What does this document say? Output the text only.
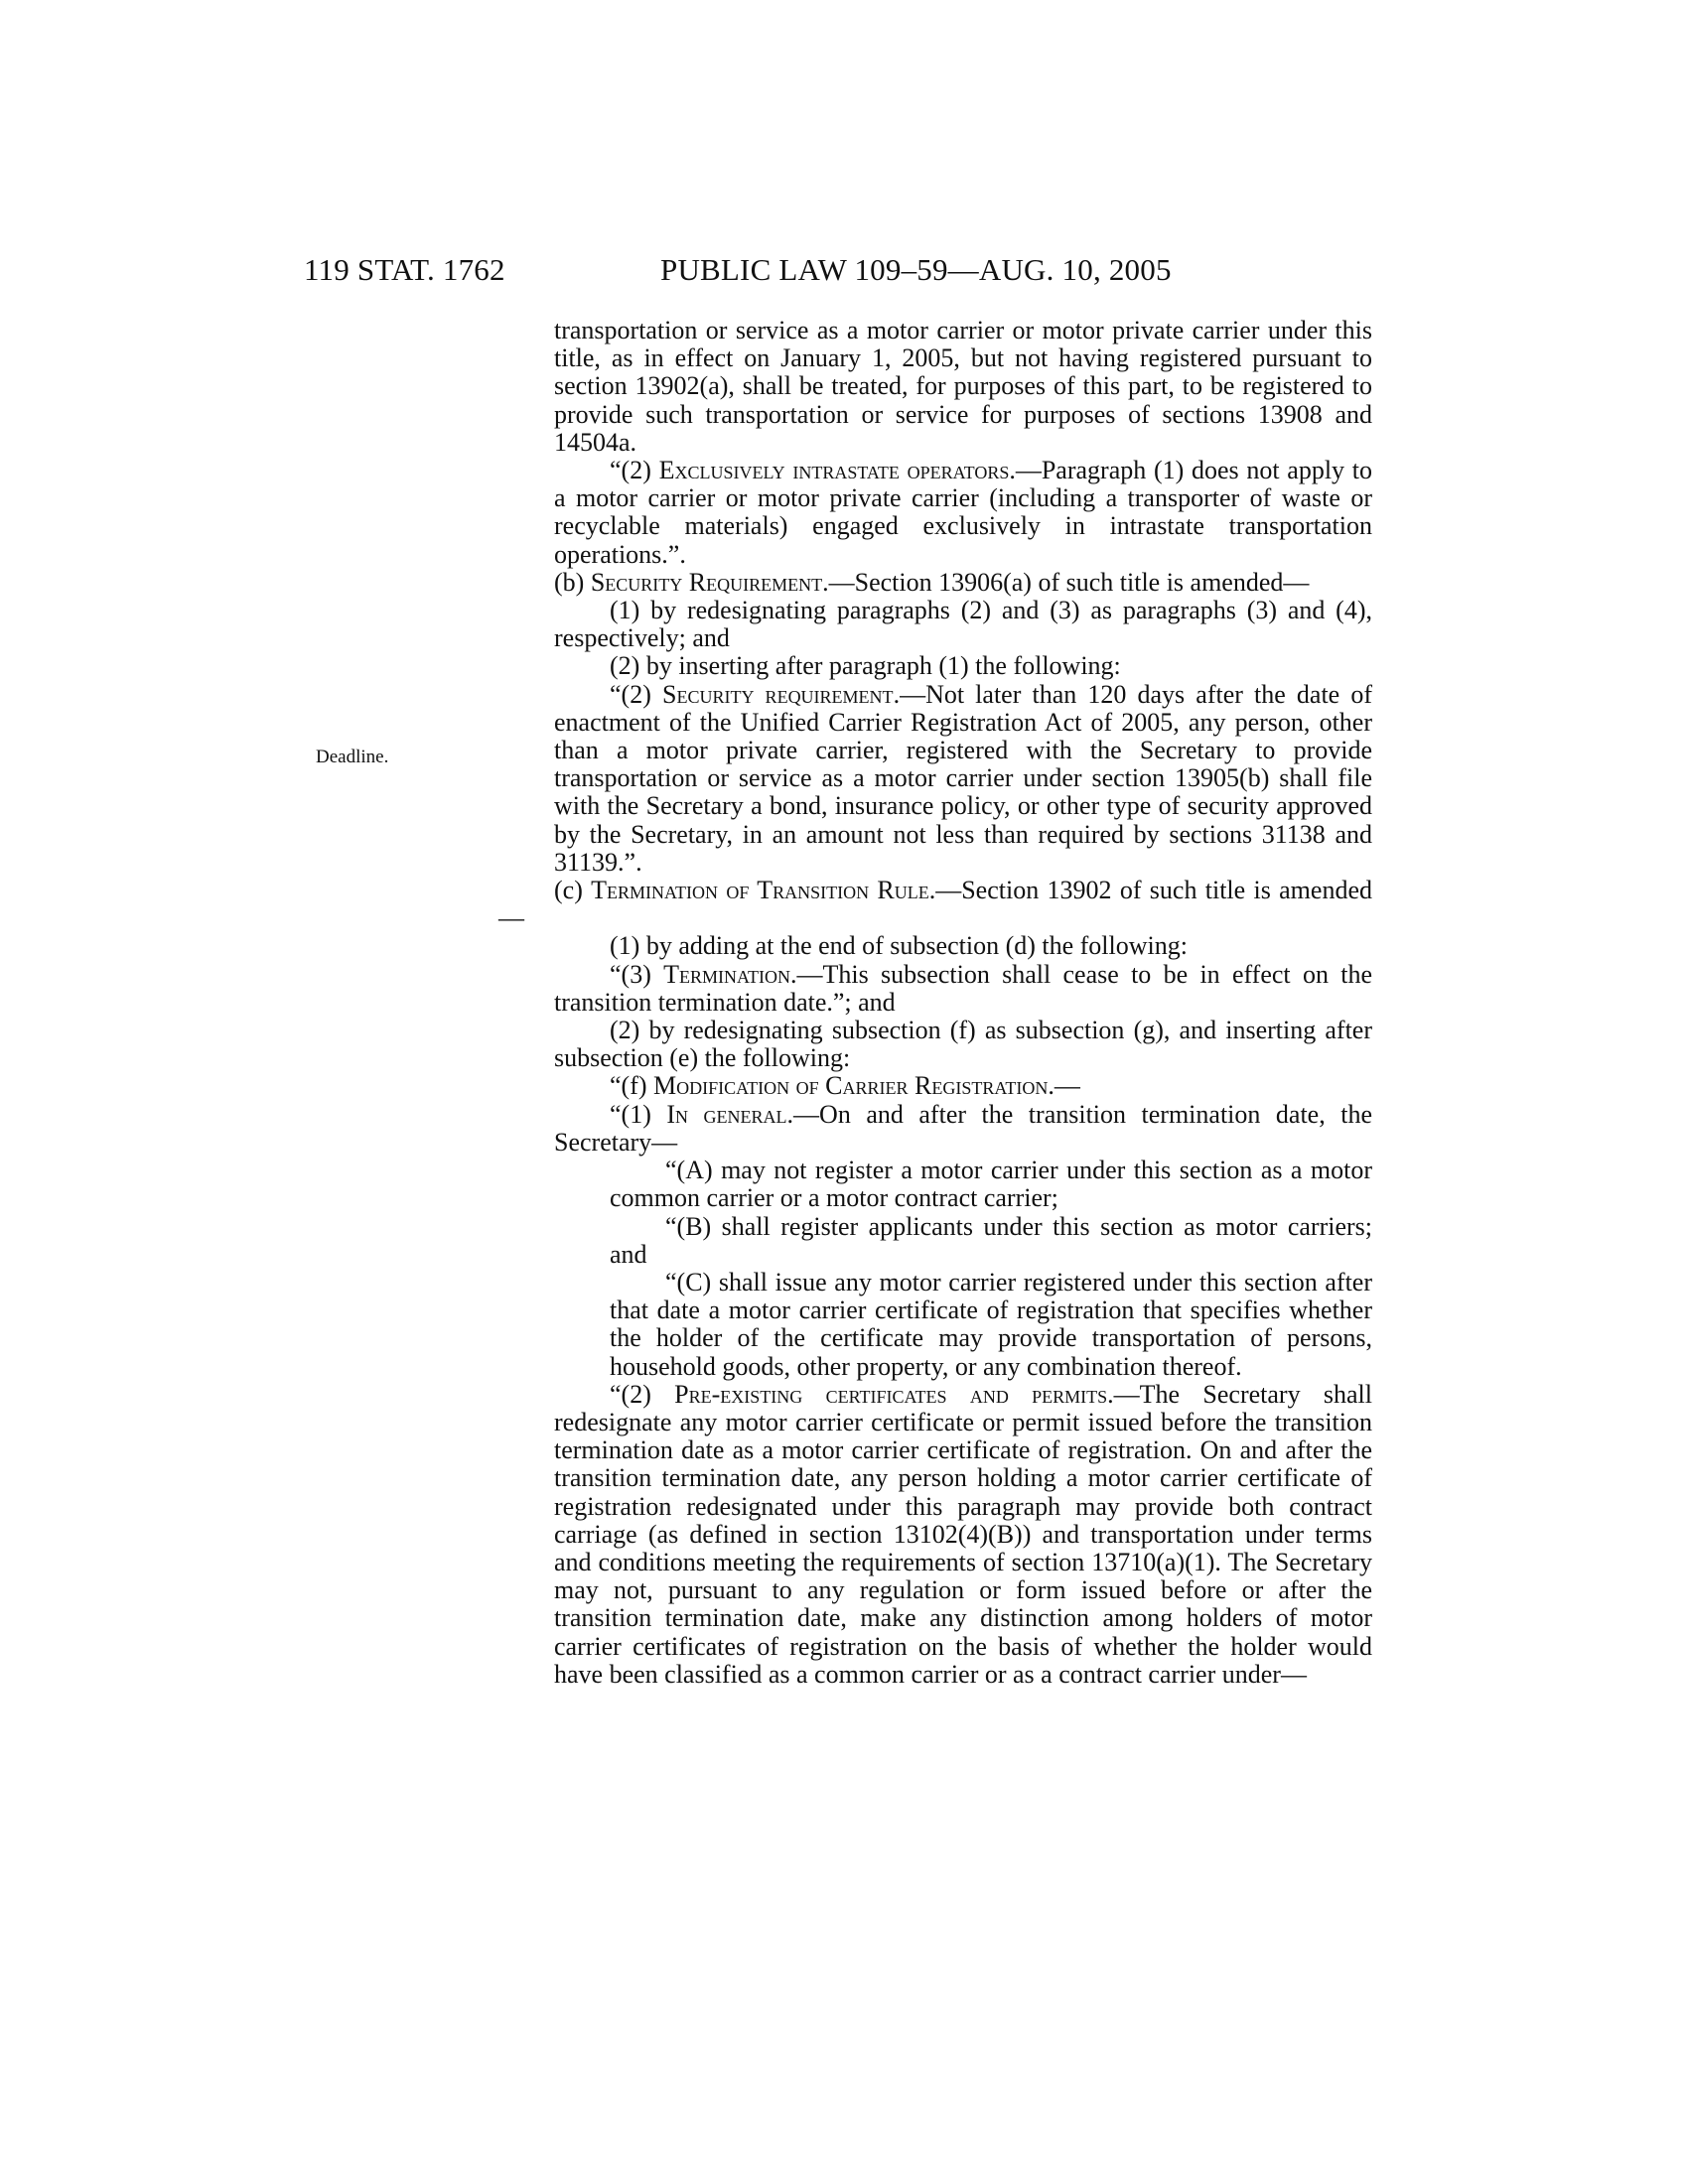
119 STAT. 1762	PUBLIC LAW 109–59—AUG. 10, 2005
Deadline.

transportation or service as a motor carrier or motor private carrier under this title, as in effect on January 1, 2005, but not having registered pursuant to section 13902(a), shall be treated, for purposes of this part, to be registered to provide such transportation or service for purposes of sections 13908 and 14504a.

“(2) Exclusively intrastate operators.—Paragraph (1) does not apply to a motor carrier or motor private carrier (including a transporter of waste or recyclable materials) engaged exclusively in intrastate transportation operations.”.

(b) Security Requirement.—Section 13906(a) of such title is amended—

(1) by redesignating paragraphs (2) and (3) as paragraphs (3) and (4), respectively; and

(2) by inserting after paragraph (1) the following:

“(2) Security requirement.—Not later than 120 days after the date of enactment of the Unified Carrier Registration Act of 2005, any person, other than a motor private carrier, registered with the Secretary to provide transportation or service as a motor carrier under section 13905(b) shall file with the Secretary a bond, insurance policy, or other type of security approved by the Secretary, in an amount not less than required by sections 31138 and 31139.”.

(c) Termination of Transition Rule.—Section 13902 of such title is amended—

(1) by adding at the end of subsection (d) the following:

“(3) Termination.—This subsection shall cease to be in effect on the transition termination date.”; and

(2) by redesignating subsection (f) as subsection (g), and inserting after subsection (e) the following:

“(f) Modification of Carrier Registration.—

“(1) In general.—On and after the transition termination date, the Secretary—

“(A) may not register a motor carrier under this section as a motor common carrier or a motor contract carrier;

“(B) shall register applicants under this section as motor carriers; and

“(C) shall issue any motor carrier registered under this section after that date a motor carrier certificate of registration that specifies whether the holder of the certificate may provide transportation of persons, household goods, other property, or any combination thereof.

“(2) Pre-existing certificates and permits.—The Secretary shall redesignate any motor carrier certificate or permit issued before the transition termination date as a motor carrier certificate of registration. On and after the transition termination date, any person holding a motor carrier certificate of registration redesignated under this paragraph may provide both contract carriage (as defined in section 13102(4)(B)) and transportation under terms and conditions meeting the requirements of section 13710(a)(1). The Secretary may not, pursuant to any regulation or form issued before or after the transition termination date, make any distinction among holders of motor carrier certificates of registration on the basis of whether the holder would have been classified as a common carrier or as a contract carrier under—
